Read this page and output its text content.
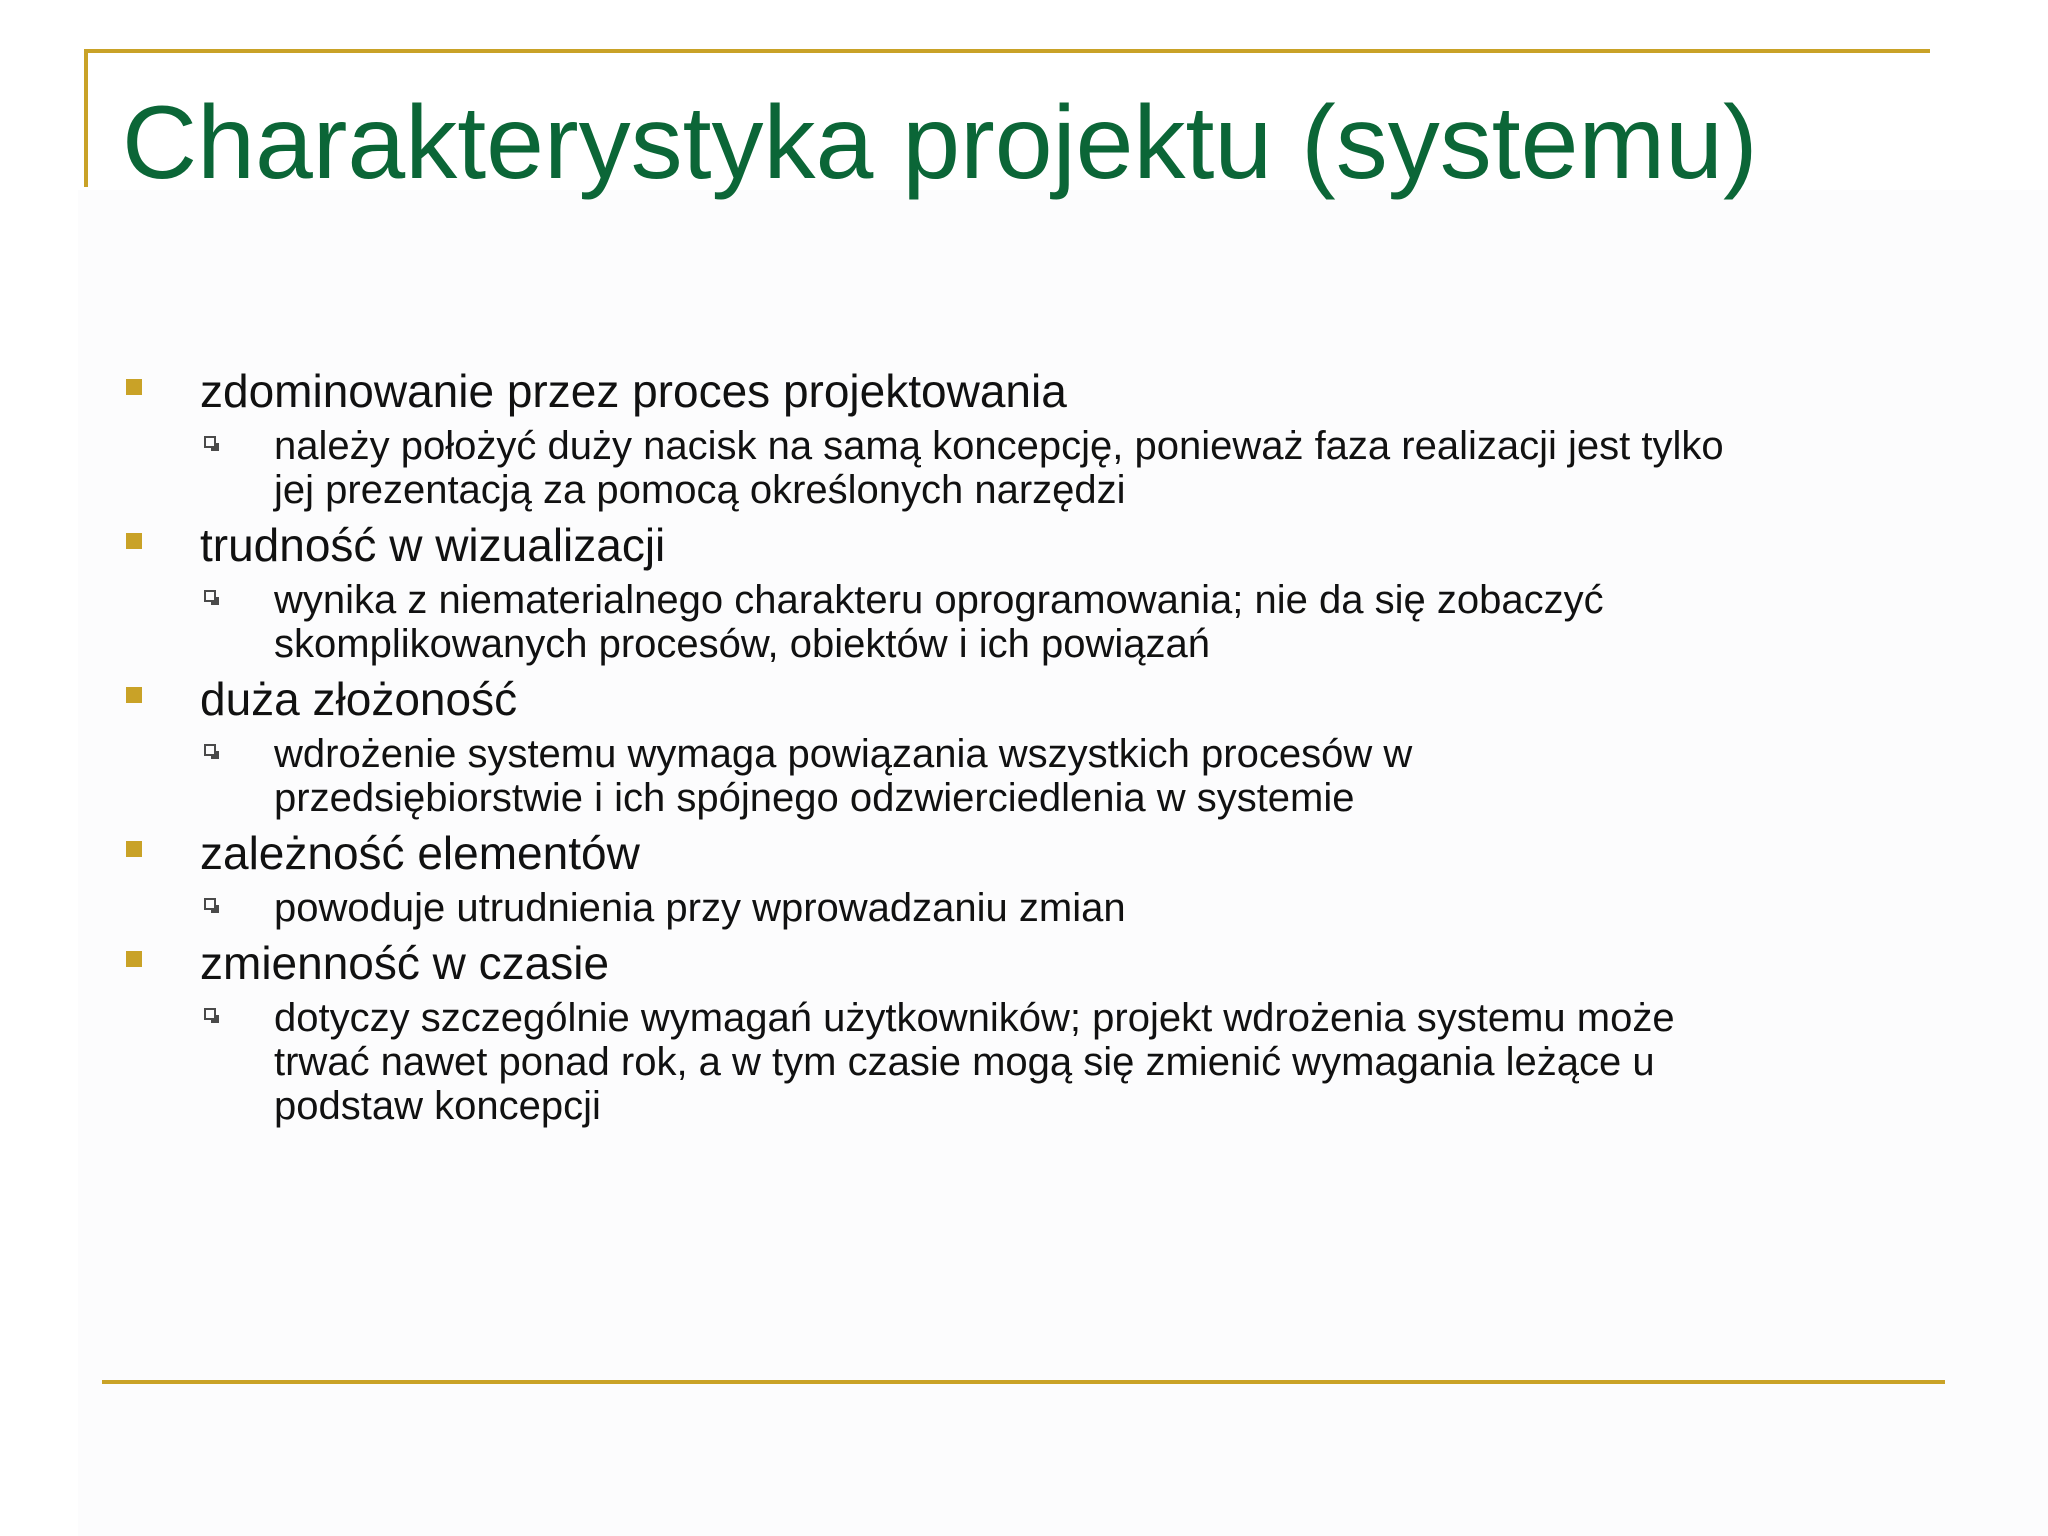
Charakterystyka projektu (systemu)
zdominowanie przez proces projektowania
należy położyć duży nacisk na samą koncepcję, ponieważ faza realizacji jest tylko
jej prezentacją za pomocą określonych narzędzi
trudność w wizualizacji
wynika z niematerialnego charakteru oprogramowania; nie da się zobaczyć
skomplikowanych procesów, obiektów i ich powiązań
duża złożoność
wdrożenie systemu wymaga powiązania wszystkich procesów w
przedsiębiorstwie i ich spójnego odzwierciedlenia w systemie
zależność elementów
powoduje utrudnienia przy wprowadzaniu zmian
zmienność w czasie
dotyczy szczególnie wymagań użytkowników; projekt wdrożenia systemu może
trwać nawet ponad rok, a w tym czasie mogą się zmienić wymagania leżące u
podstaw koncepcji
